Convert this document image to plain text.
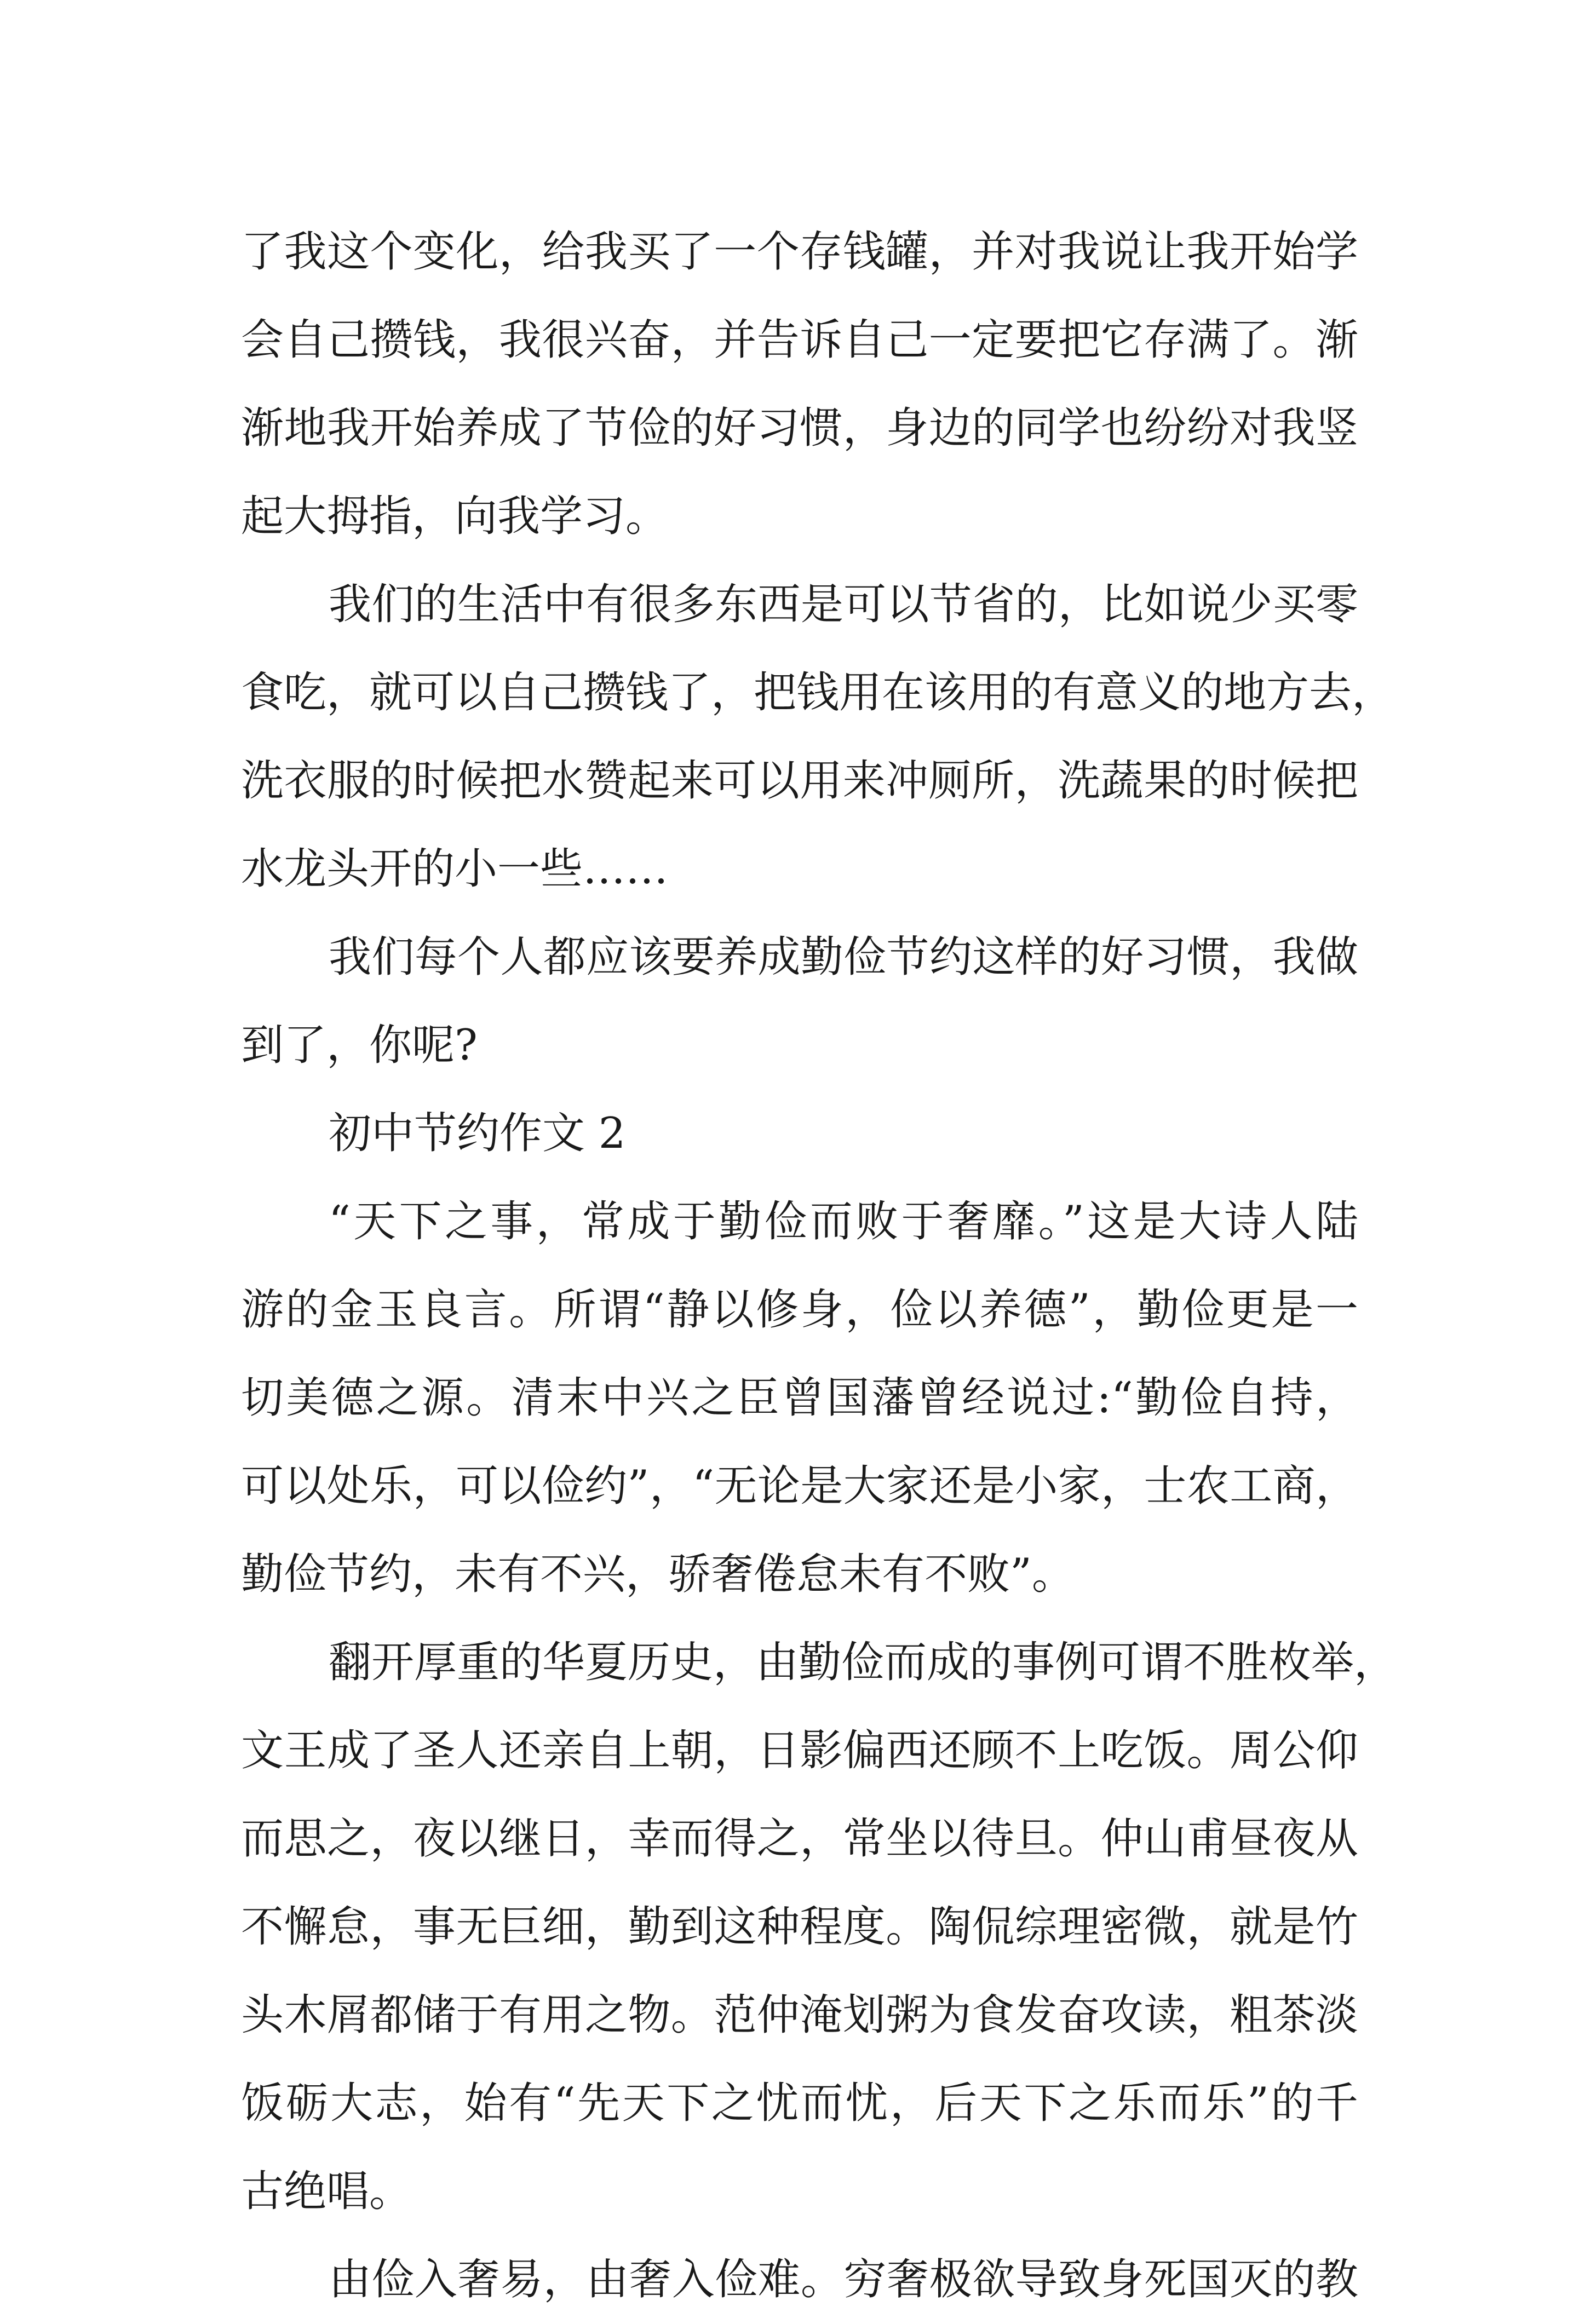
了我这个变化，给我买了一个存钱罐，并对我说让我开始学
会自己攒钱，我很兴奋，并告诉自己一定要把它存满了。渐
渐地我开始养成了节俭的好习惯，身边的同学也纷纷对我竖
起大拇指，向我学习。
我们的生活中有很多东西是可以节省的，比如说少买零
食吃，就可以自己攒钱了，把钱用在该用的有意义的地方去，
洗衣服的时候把水赞起来可以用来冲厕所，洗蔬果的时候把
水龙头开的小一些……
我们每个人都应该要养成勤俭节约这样的好习惯，我做
到了，你呢?
初中节约作文 2
“天下之事，常成于勤俭而败于奢靡。”这是大诗人陆
游的金玉良言。所谓“静以修身，俭以养德”，勤俭更是一
切美德之源。清末中兴之臣曾国藩曾经说过:“勤俭自持，
可以处乐，可以俭约”，“无论是大家还是小家，士农工商，
勤俭节约，未有不兴，骄奢倦怠未有不败”。
翻开厚重的华夏历史，由勤俭而成的事例可谓不胜枚举，
文王成了圣人还亲自上朝，日影偏西还顾不上吃饭。周公仰
而思之，夜以继日，幸而得之，常坐以待旦。仲山甫昼夜从
不懈怠，事无巨细，勤到这种程度。陶侃综理密微，就是竹
头木屑都储于有用之物。范仲淹划粥为食发奋攻读，粗茶淡
饭砺大志，始有“先天下之忧而忧，后天下之乐而乐”的千
古绝唱。
由俭入奢易，由奢入俭难。穷奢极欲导致身死国灭的教
